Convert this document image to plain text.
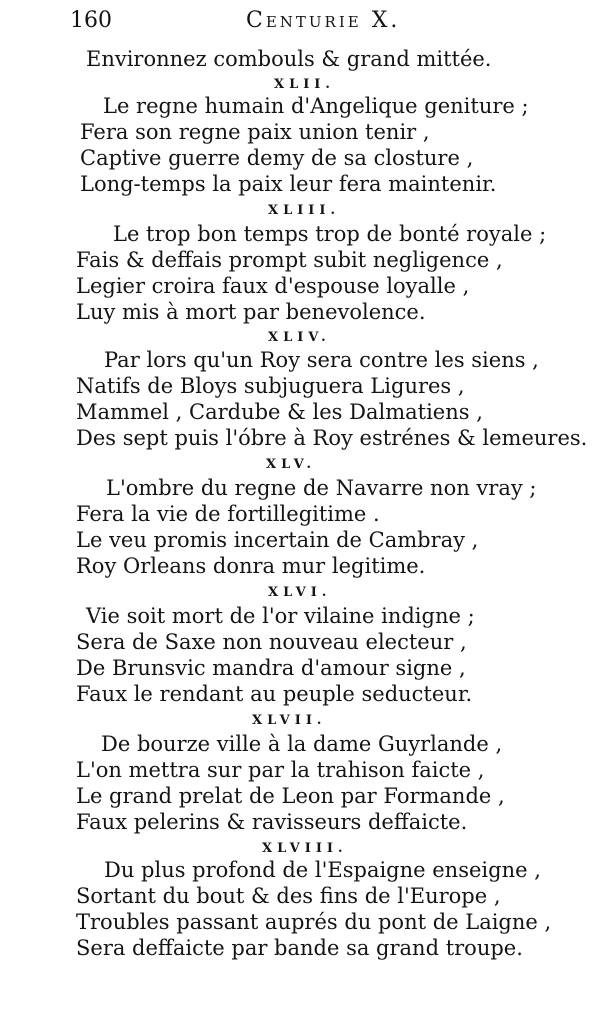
160	Centurie X.
Environnez combouls & grand mittée.
XLII.
Le regne humain d'Angelique geniture ;
Fera son regne paix union tenir ,
Captive guerre demy de sa closture ,
Long-temps la paix leur fera maintenir.
XLIII.
Le trop bon temps trop de bonté royale ;
Fais & deffais prompt subit negligence ,
Legier croira faux d'espouse loyalle ,
Luy mis à mort par benevolence.
XLIV.
Par lors qu'un Roy sera contre les siens ,
Natifs de Bloys subjuguera Ligures ,
Mammel , Cardube & les Dalmatiens ,
Des sept puis l'óbre à Roy estrénes & lemeures.
XLV.
L'ombre du regne de Navarre non vray ;
Fera la vie de fortillegitime .
Le veu promis incertain de Cambray ,
Roy Orleans donra mur legitime.
XLVI.
Vie soit mort de l'or vilaine indigne ;
Sera de Saxe non nouveau electeur ,
De Brunsvic mandra d'amour signe ,
Faux le rendant au peuple seducteur.
XLVII.
De bourze ville à la dame Guyrlande ,
L'on mettra sur par la trahison faicte ,
Le grand prelat de Leon par Formande ,
Faux pelerins & ravisseurs deffaicte.
XLVIII.
Du plus profond de l'Espaigne enseigne ,
Sortant du bout & des fins de l'Europe ,
Troubles passant auprés du pont de Laigne ,
Sera deffaicte par bande sa grand troupe.
